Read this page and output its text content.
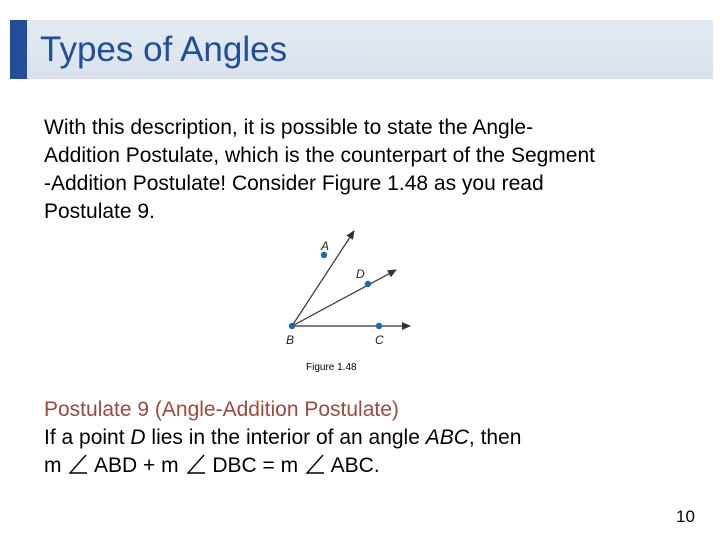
Types of Angles
With this description, it is possible to state the Angle-
Addition Postulate, which is the counterpart of the Segment
-Addition Postulate! Consider Figure 1.48 as you read
Postulate 9.
A
D
B	C
Figure 1.48
Postulate 9 (Angle-Addition Postulate)
If a point D lies in the interior of an angle ABC, then
m ABD + m DBC = m ABC.
10
